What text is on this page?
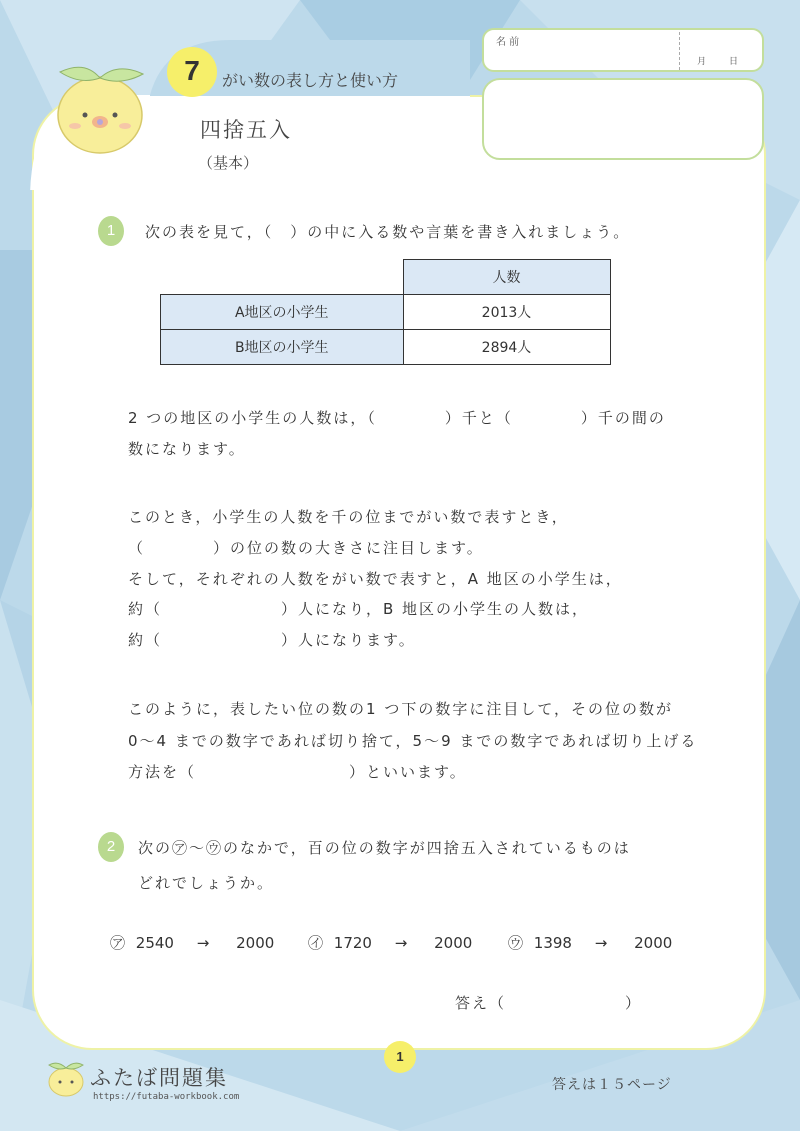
7	がい数の表し方と使い方
四捨五入
（基本）
名 前
月 日
1	次の表を見て，（　）の中に入る数や言葉を書き入れましょう。
	人数
A地区の小学生	2013人
B地区の小学生	2894人
2 つの地区の小学生の人数は，（　　　　）千と（　　　　）千の間の
数になります。
このとき，小学生の人数を千の位までがい数で表すとき，
（　　　　）の位の数の大きさに注目します。
そして，それぞれの人数をがい数で表すと，A 地区の小学生は，
約（　　　　　　　）人になり，B 地区の小学生の人数は，
約（　　　　　　　）人になります。
このように，表したい位の数の1 つ下の数字に注目して，その位の数が
0〜4 までの数字であれば切り捨て，5〜9 までの数字であれば切り上げる
方法を（　　　　　　　　　）といいます。
2	次の㋐〜㋒のなかで，百の位の数字が四捨五入されているものは
どれでしょうか。
㋐ 2540 → 2000 ㋑ 1720 → 2000 ㋒ 1398 → 2000
答え（　　　　　　　）
1
ふたば問題集
https://futaba-workbook.com
答えは１５ページ
